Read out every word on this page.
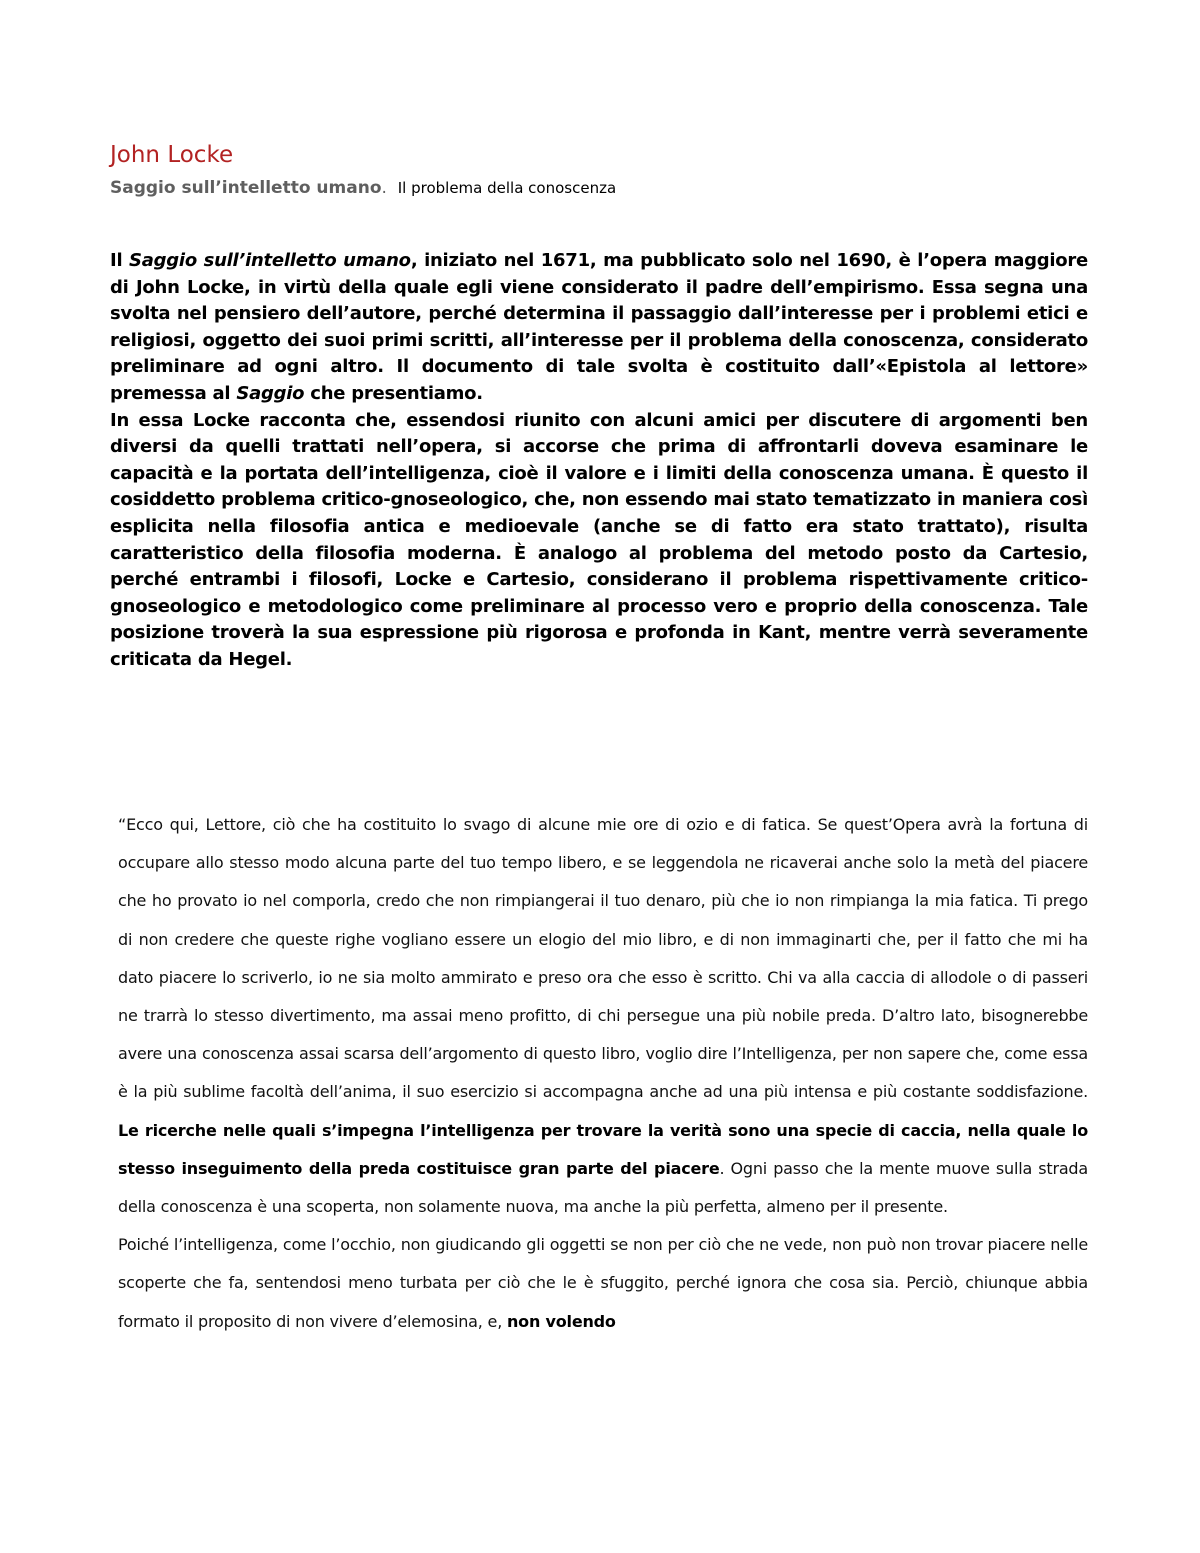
John Locke
Saggio sull’intelletto umano. Il problema della conoscenza

Il Saggio sull’intelletto umano, iniziato nel 1671, ma pubblicato solo nel 1690, è l’opera maggiore di John Locke, in virtù della quale egli viene considerato il padre dell’empirismo. Essa segna una svolta nel pensiero dell’autore, perché determina il passaggio dall’interesse per i problemi etici e religiosi, oggetto dei suoi primi scritti, all’interesse per il problema della conoscenza, considerato preliminare ad ogni altro. Il documento di tale svolta è costituito dall’«Epistola al lettore» premessa al Saggio che presentiamo.

In essa Locke racconta che, essendosi riunito con alcuni amici per discutere di argomenti ben diversi da quelli trattati nell’opera, si accorse che prima di affrontarli doveva esaminare le capacità e la portata dell’intelligenza, cioè il valore e i limiti della conoscenza umana. È questo il cosiddetto problema critico-gnoseologico, che, non essendo mai stato tematizzato in maniera così esplicita nella filosofia antica e medioevale (anche se di fatto era stato trattato), risulta caratteristico della filosofia moderna. È analogo al problema del metodo posto da Cartesio, perché entrambi i filosofi, Locke e Cartesio, considerano il problema rispettivamente critico-gnoseologico e metodologico come preliminare al processo vero e proprio della conoscenza. Tale posizione troverà la sua espressione più rigorosa e profonda in Kant, mentre verrà severamente criticata da Hegel.

“Ecco qui, Lettore, ciò che ha costituito lo svago di alcune mie ore di ozio e di fatica. Se quest’Opera avrà la fortuna di occupare allo stesso modo alcuna parte del tuo tempo libero, e se leggendola ne ricaverai anche solo la metà del piacere che ho provato io nel comporla, credo che non rimpiangerai il tuo denaro, più che io non rimpianga la mia fatica. Ti prego di non credere che queste righe vogliano essere un elogio del mio libro, e di non immaginarti che, per il fatto che mi ha dato piacere lo scriverlo, io ne sia molto ammirato e preso ora che esso è scritto. Chi va alla caccia di allodole o di passeri ne trarrà lo stesso divertimento, ma assai meno profitto, di chi persegue una più nobile preda. D’altro lato, bisognerebbe avere una conoscenza assai scarsa dell’argomento di questo libro, voglio dire l’Intelligenza, per non sapere che, come essa è la più sublime facoltà dell’anima, il suo esercizio si accompagna anche ad una più intensa e più costante soddisfazione. Le ricerche nelle quali s’impegna l’intelligenza per trovare la verità sono una specie di caccia, nella quale lo stesso inseguimento della preda costituisce gran parte del piacere. Ogni passo che la mente muove sulla strada della conoscenza è una scoperta, non solamente nuova, ma anche la più perfetta, almeno per il presente.

Poiché l’intelligenza, come l’occhio, non giudicando gli oggetti se non per ciò che ne vede, non può non trovar piacere nelle scoperte che fa, sentendosi meno turbata per ciò che le è sfuggito, perché ignora che cosa sia. Perciò, chiunque abbia formato il proposito di non vivere d’elemosina, e, non volendo
